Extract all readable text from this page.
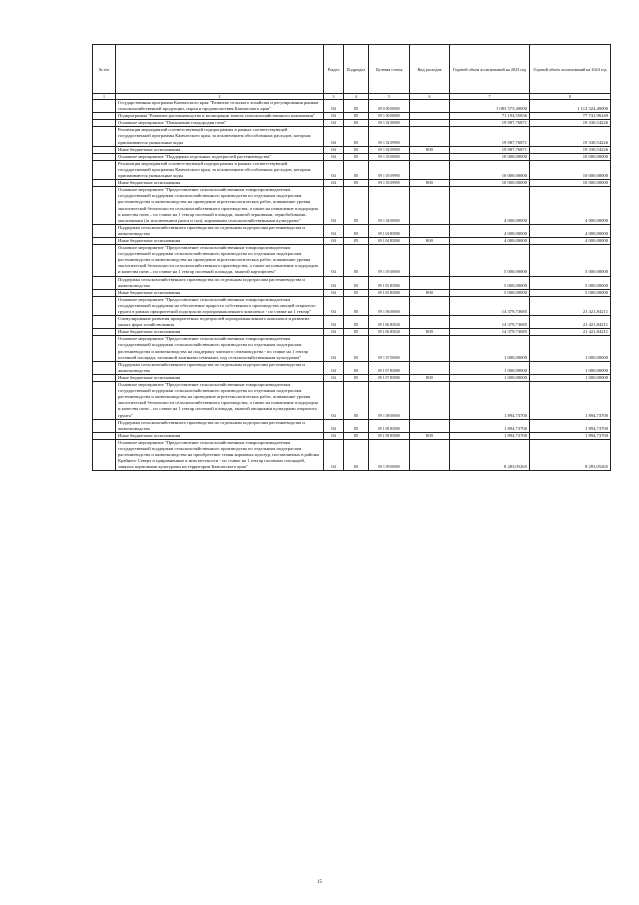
№ п/п		Раздел	Подраздел	Целевая статья	Вид расходов	Годовой объем ассигнований на 2023 год	Годовой объем ассигнований на 2024 год
1	2	3	4	5	6	7	8
	Государственная программа Камчатского края "Развитие сельского хозяйства и регулирования рынков сельскохозяйственной продукции, сырья и продовольствия Камчатского края"	04	05	09 0 00 00000		1 083 575,49000	1 112 324,49000
	Подпрограмма "Развитие растениеводства и мелиорации земель сельскохозяйственного назначения"	04	05	09 1 00 00000		71 194,55836	77 741,96349
	Основное мероприятие "Повышение плодородия почв"	04	05	09 1 02 00000		19 987,76871	19 330,54226
	Реализация мероприятий соответствующей подпрограммы в рамках соответствующей государственной программы Камчатского края, за исключением обособленных расходов, которым присваиваются уникальные коды	04	05	09 1 02 09990		19 987,76871	19 330,54226
	Иные бюджетные ассигнования	04	05	09 1 02 09990	800	19 987,76871	19 330,54226
	Основное мероприятие "Поддержка отдельных подотраслей растениеводства"	04	05	09 1 03 00000		10 000,00000	10 000,00000
	Реализация мероприятий соответствующей подпрограммы в рамках соответствующей государственной программы Камчатского края, за исключением обособленных расходов, которым присваиваются уникальные коды	04	05	09 1 03 09990		10 000,00000	10 000,00000
	Иные бюджетные ассигнования	04	05	09 1 03 09990	800	10 000,00000	10 000,00000
	Основное мероприятие "Предоставление сельскохозяйственным товаропроизводителям государственной поддержки сельскохозяйственного производства по отдельным подотраслям растениеводства и животноводства на проведение агротехнологических работ, повышение уровня экологической безопасности сельскохозяйственного производства, а также на повышение плодородия и качества почв – по ставке на 1 гектар посевной площади, занятой зерновыми, зернобобовыми, масличными (за исключением рапса и сои), кормовыми сельскохозяйственными культурами"	04	05	09 1 04 00000		4 000,00000	4 000,00000
	Поддержка сельскохозяйственного производства по отдельным подотраслям растениеводства и животноводства	04	05	09 1 04 R5080		4 000,00000	4 000,00000
	Иные бюджетные ассигнования	04	05	09 1 04 R5080	800	4 000,00000	4 000,00000
	Основное мероприятие "Предоставление сельскохозяйственным товаропроизводителям государственной поддержки сельскохозяйственного производства по отдельным подотраслям растениеводства и животноводства на проведение агротехнологических работ, повышение уровня экологической безопасности сельскохозяйственного производства, а также на повышение плодородия и качества почв – по ставке на 1 гектар посевной площади, занятой картофелем"	04	05	09 1 05 00000		5 000,00000	5 000,00000
	Поддержка сельскохозяйственного производства по отдельным подотраслям растениеводства и животноводства	04	05	09 1 05 R5080		5 000,00000	5 000,00000
	Иные бюджетные ассигнования	04	05	09 1 05 R5080	800	5 000,00000	5 000,00000
	Основное мероприятие "Предоставление сельскохозяйственным товаропроизводителям государственной поддержки на обеспечение прироста собственного производства овощей открытого грунта в рамках приоритетной подотрасли агропромышленного комплекса - по ставке на 1 гектар"	04	05	09 1 06 00000		14 379,73685	21 421,84211
	Стимулирование развития приоритетных подотраслей агропромышленного комплекса и развитие малых форм хозяйствования	04	05	09 1 06 R5020		14 379,73685	21 421,84211
	Иные бюджетные ассигнования	04	05	09 1 06 R5020	800	14 379,73685	21 421,84211
	Основное мероприятие "Предоставление сельскохозяйственным товаропроизводителям государственной поддержки сельскохозяйственного производства по отдельным подотраслям растениеводства и животноводства на поддержку элитного семеноводства - по ставке на 1 гектар посевной площади, засеянной элитными семенами, под сельскохозяйственными культурами"	04	05	09 1 07 00000		1 000,00000	1 000,00000
	Поддержка сельскохозяйственного производства по отдельным подотраслям растениеводства и животноводства	04	05	09 1 07 R5080		1 000,00000	1 000,00000
	Иные бюджетные ассигнования	04	05	09 1 07 R5080	800	1 000,00000	1 000,00000
	Основное мероприятие "Предоставление сельскохозяйственным товаропроизводителям государственной поддержки сельскохозяйственного производства по отдельным подотраслям растениеводства и животноводства на проведение агротехнологических работ, повышение уровня экологической безопасности сельскохозяйственного производства, а также на повышение плодородия и качества почв – по ставке на 1 гектар посевной площади, занятой овощными культурами открытого грунта"	04	05	09 1 08 00000		1 894,73700	1 894,73700
	Поддержка сельскохозяйственного производства по отдельным подотраслям растениеводства и животноводства	04	05	09 1 08 R5080		1 894,73700	1 894,73700
	Иные бюджетные ассигнования	04	05	09 1 08 R5080	800	1 894,73700	1 894,73700
	Основное мероприятие "Предоставление сельскохозяйственным товаропроизводителям государственной поддержки сельскохозяйственного производства по отдельным подотраслям растениеводства и животноводства на приобретение семян кормовых культур, поставляемых в районы Крайнего Севера и приравненные к ним местности - по ставке на 1 гектар посевных площадей, занятых кормовыми культурами на территории Камчатского края"	04	05	09 1 09 00000		8 283,05265	8 283,05265
15
